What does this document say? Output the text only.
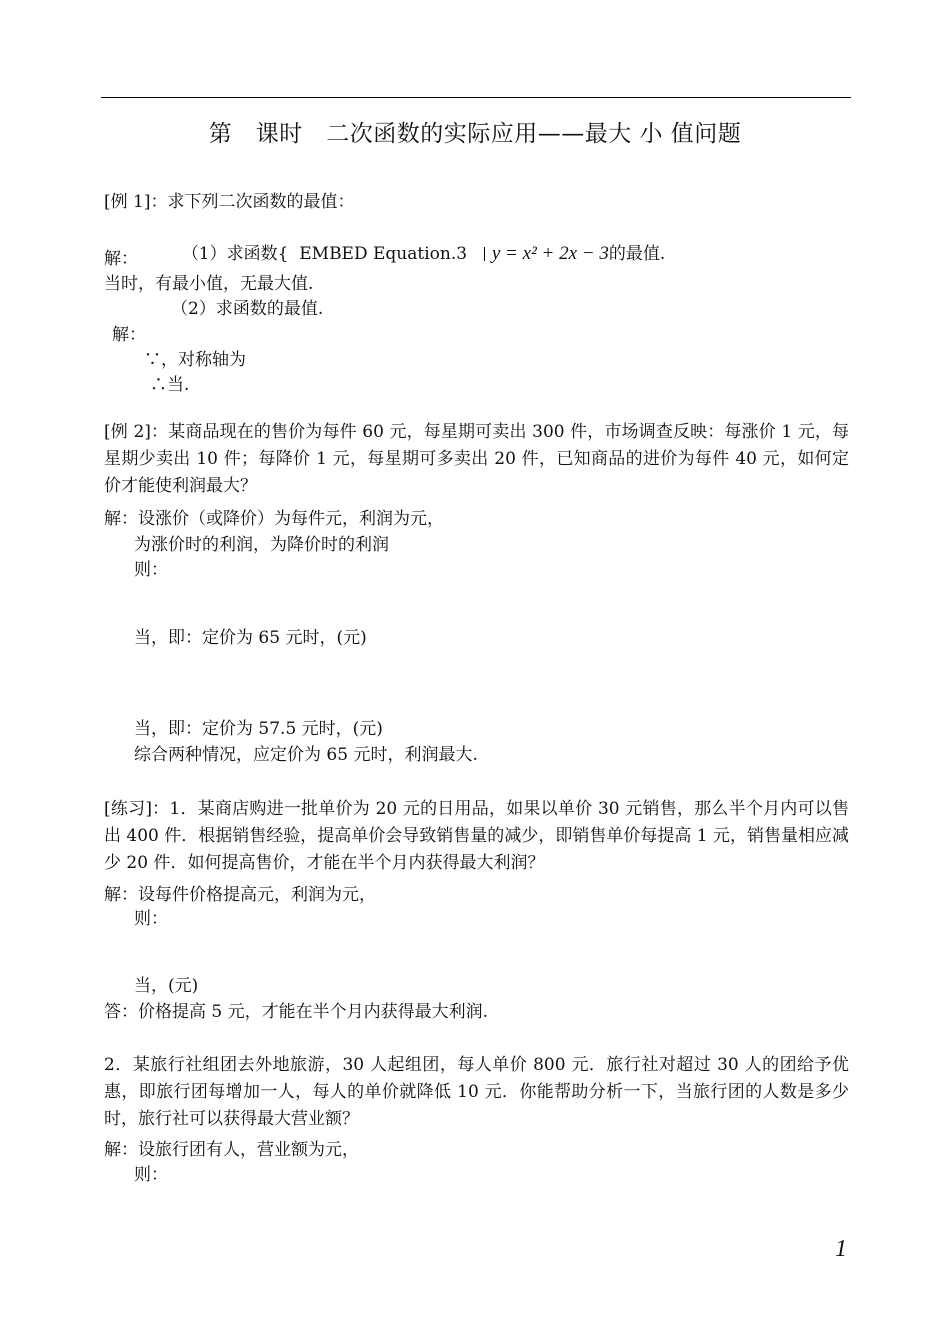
第　课时　二次函数的实际应用——最大 小 值问题
[例 1]：求下列二次函数的最值：

（1）求函数{  EMBED Equation.3  y = x² + 2x − 3的最值.

解：
当时，有最小值，无最大值.
（2）求函数的最值.
解：
∵，对称轴为
∴当.
[例 2]：某商品现在的售价为每件 60 元，每星期可卖出 300 件，市场调查反映：每涨价 1 元，每星期少卖出 10 件；每降价 1 元，每星期可多卖出 20 件，已知商品的进价为每件 40 元，如何定价才能使利润最大？
解：设涨价（或降价）为每件元，利润为元，
为涨价时的利润，为降价时的利润
则：
当，即：定价为 65 元时，(元)
当，即：定价为 57.5 元时，(元)
综合两种情况，应定价为 65 元时，利润最大.
[练习]：1．某商店购进一批单价为 20 元的日用品，如果以单价 30 元销售，那么半个月内可以售出 400 件．根据销售经验，提高单价会导致销售量的减少，即销售单价每提高 1 元，销售量相应减少 20 件．如何提高售价，才能在半个月内获得最大利润？
解：设每件价格提高元，利润为元，
则：
当，(元)
答：价格提高 5 元，才能在半个月内获得最大利润.
2．某旅行社组团去外地旅游，30 人起组团，每人单价 800 元．旅行社对超过 30 人的团给予优惠，即旅行团每增加一人，每人的单价就降低 10 元．你能帮助分析一下，当旅行团的人数是多少时，旅行社可以获得最大营业额？
解：设旅行团有人，营业额为元，
则：
1
